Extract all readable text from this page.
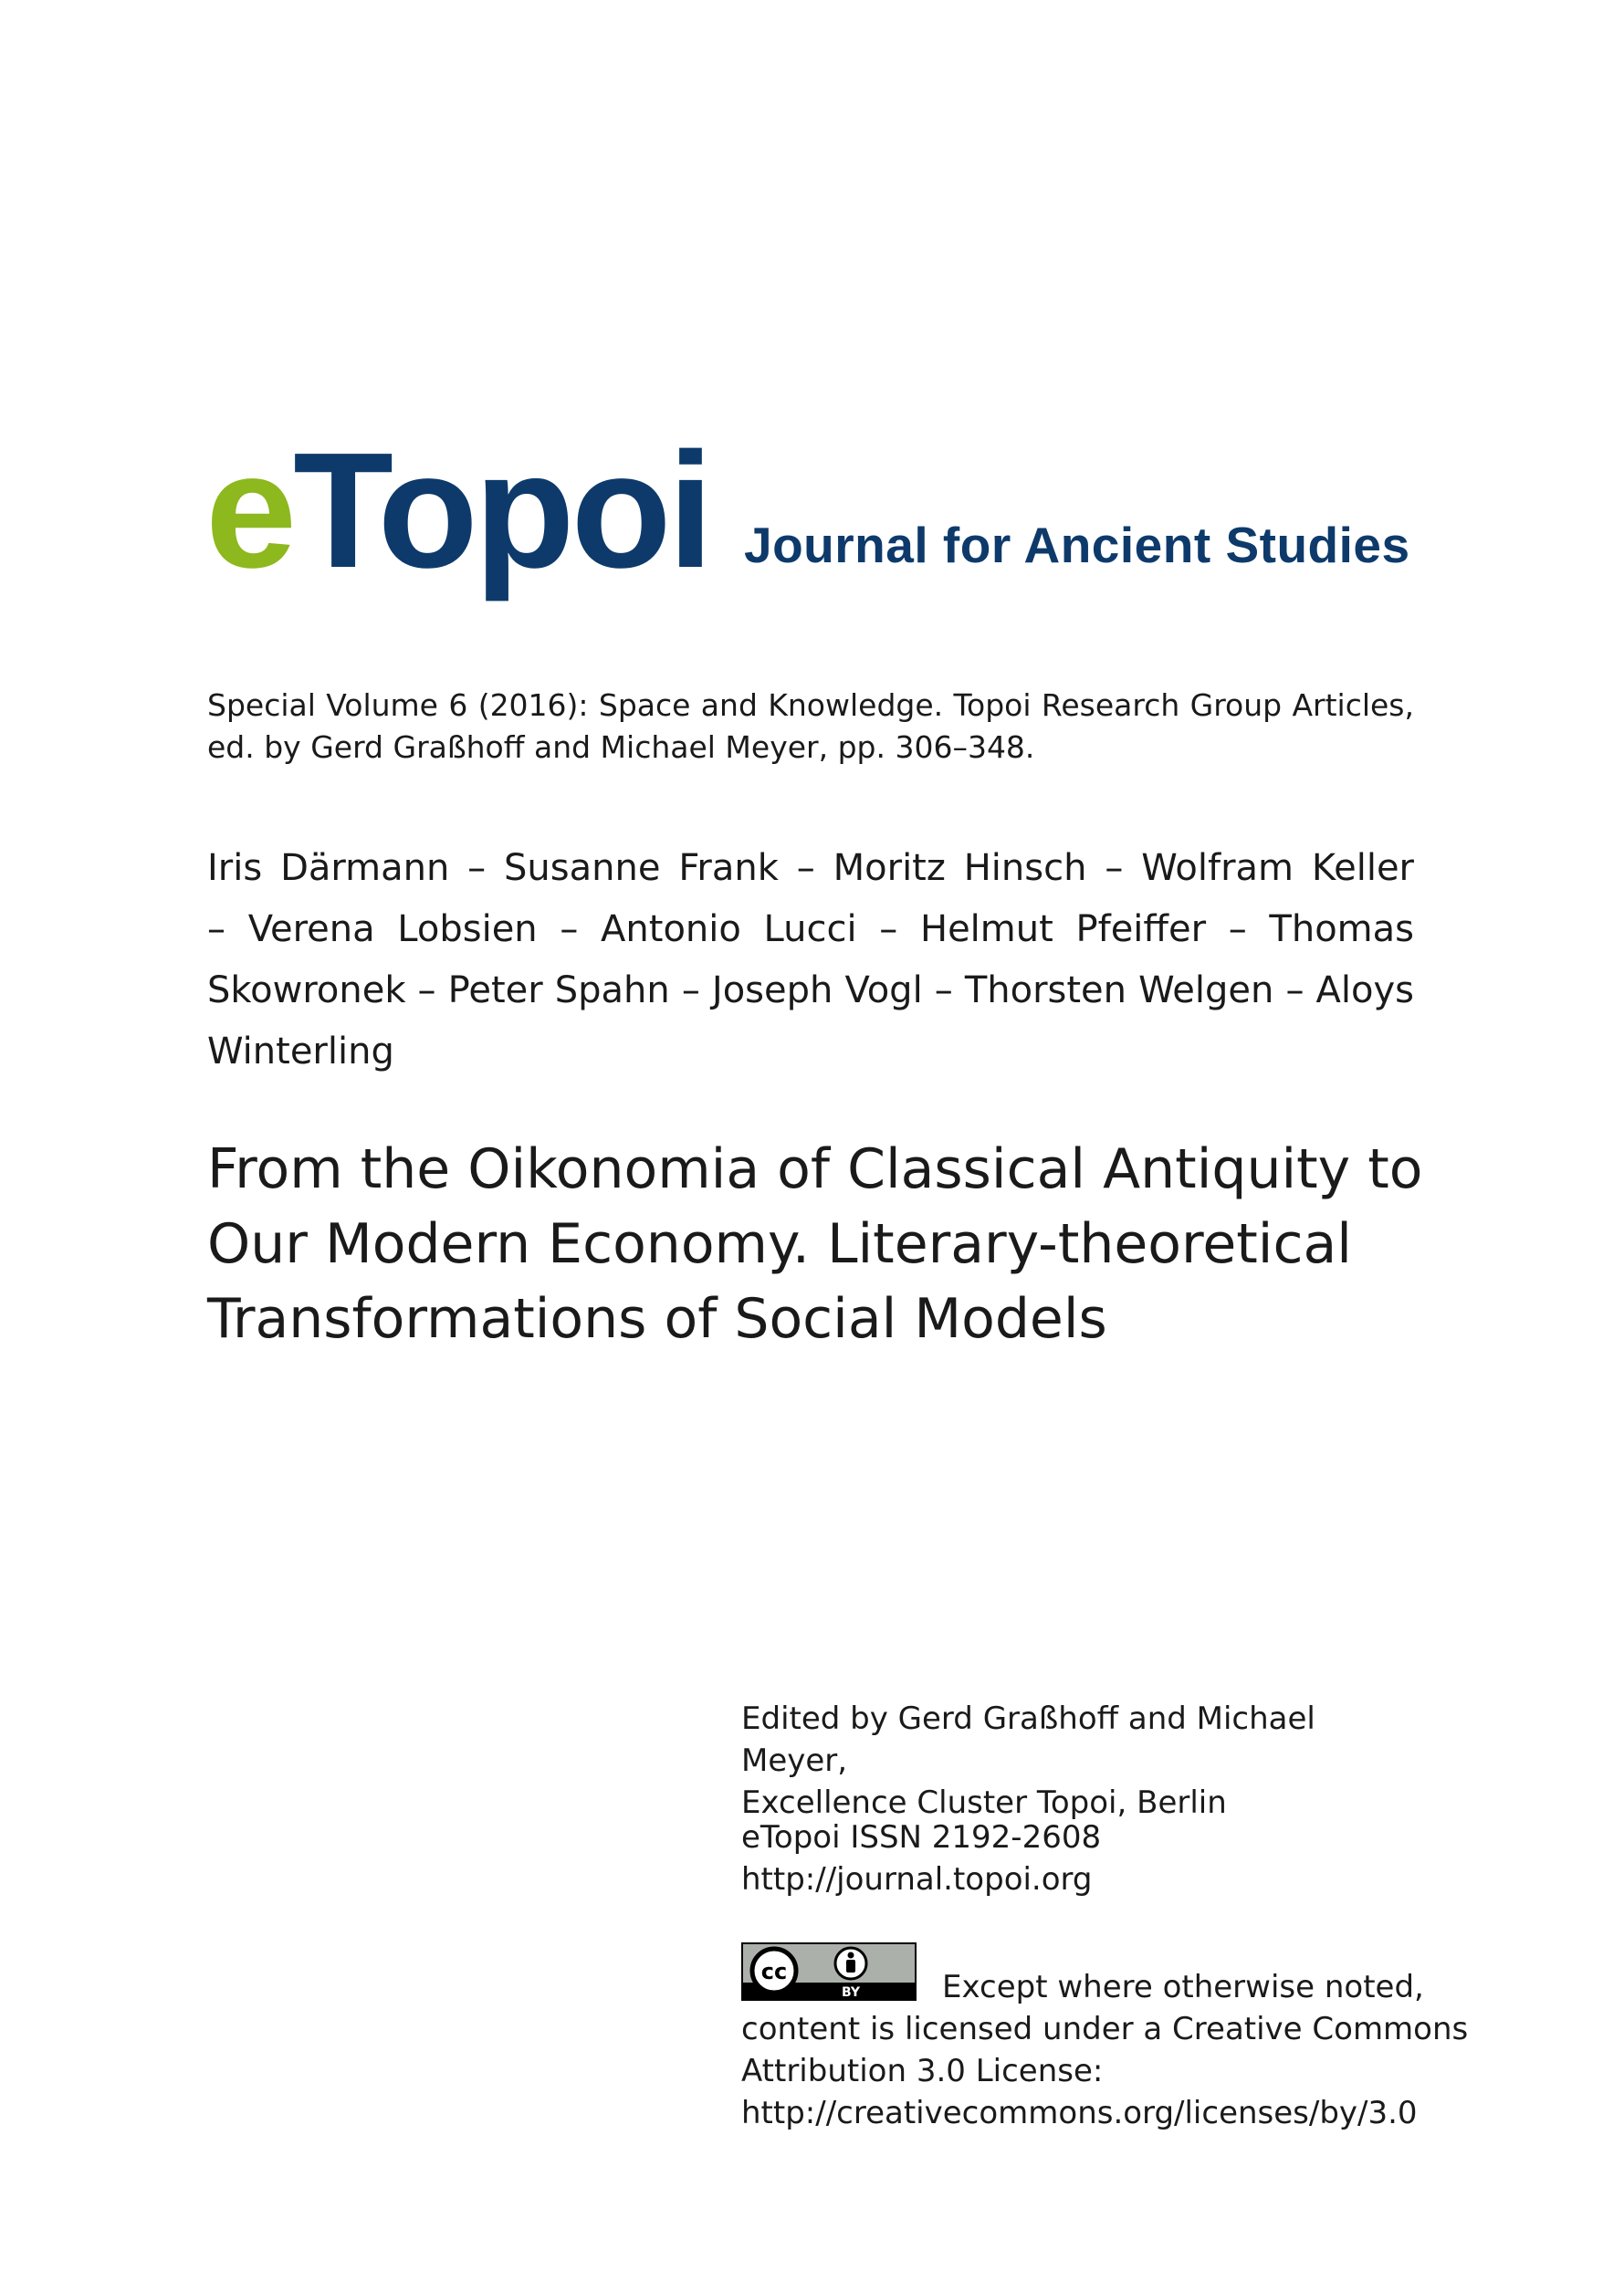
eTopoi Journal for Ancient Studies
Special Volume 6 (2016): Space and Knowledge. Topoi Research Group Articles,
ed. by Gerd Graßhoff and Michael Meyer, pp. 306–348.
Iris Därmann – Susanne Frank – Moritz Hinsch – Wolfram Keller
– Verena Lobsien – Antonio Lucci – Helmut Pfeiffer – Thomas
Skowronek – Peter Spahn – Joseph Vogl – Thorsten Welgen – Aloys
Winterling
From the Oikonomia of Classical Antiquity to
Our Modern Economy. Literary-theoretical
Transformations of Social Models
Edited by Gerd Graßhoff and Michael Meyer,
Excellence Cluster Topoi, Berlin
eTopoi ISSN 2192-2608
http://journal.topoi.org
cc
BY	Except where otherwise noted,
content is licensed under a Creative Commons
Attribution 3.0 License:
http://creativecommons.org/licenses/by/3.0
